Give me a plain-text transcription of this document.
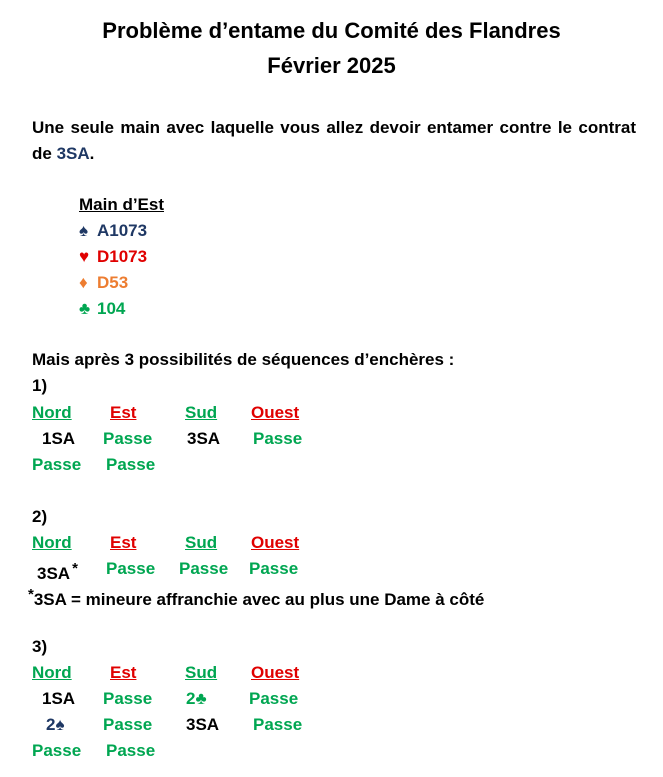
Problème d’entame du Comité des Flandres
Février 2025
Une seule main avec laquelle vous allez devoir entamer contre le contrat de 3SA.
Main d’Est
♠ A1073
♥ D1073
♦ D53
♣ 104
Mais après 3 possibilités de séquences d’enchères :
1)
Nord Est	Sud Ouest
1SA Passe 3SA Passe
Passe Passe
2)
Nord Est	Sud Ouest
3SA * Passe Passe Passe
*3SA = mineure affranchie avec au plus une Dame à côté
3)
Nord Est	Sud Ouest
1SA Passe 2♣ Passe
2♠ Passe 3SA Passe
Passe Passe
